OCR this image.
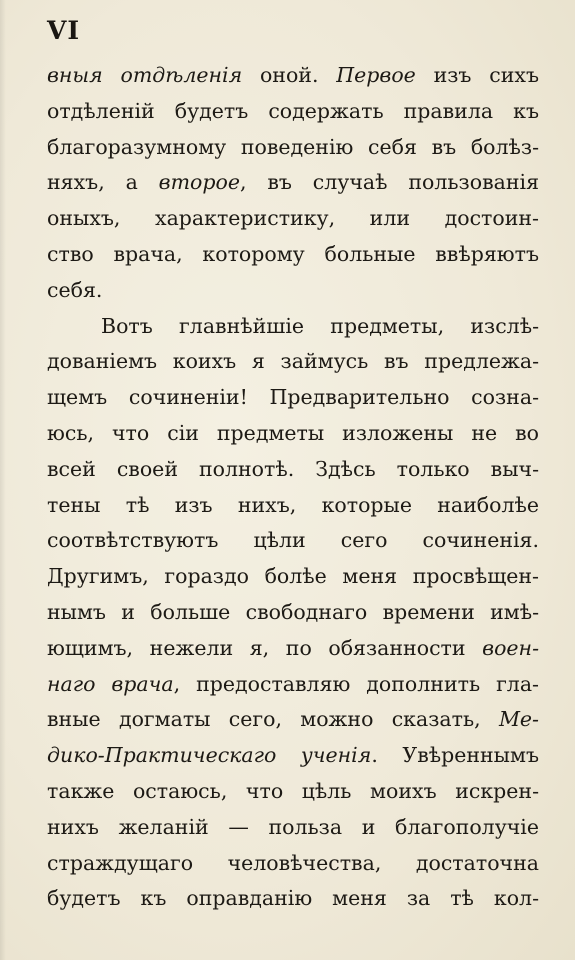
VI
вныя отдѣленія оной. Первое изъ сихъ
отдѣленій будетъ содержать правила къ
благоразумному поведенію себя въ болѣз-
няхъ, а второе, въ случаѣ пользованія
оныхъ, характеристику, или достоин-
ство врача, которому больные ввѣряютъ
себя.
Вотъ главнѣйшіе предметы, изслѣ-
дованіемъ коихъ я займусь въ предлежа-
щемъ сочиненіи! Предварительно созна-
юсь, что сіи предметы изложены не во
всей своей полнотѣ. Здѣсь только выч-
тены тѣ изъ нихъ, которые наиболѣе
соотвѣтствуютъ цѣли сего сочиненія.
Другимъ, гораздо болѣе меня просвѣщен-
нымъ и больше свободнаго времени имѣ-
ющимъ, нежели я, по обязанности воен-
наго врача, предоставляю дополнить гла-
вные догматы сего, можно сказать, Ме-
дико-Практическаго ученія. Увѣреннымъ
также остаюсь, что цѣль моихъ искрен-
нихъ желаній — польза и благополучіе
страждущаго человѣчества, достаточна
будетъ къ оправданію меня за тѣ кол-
